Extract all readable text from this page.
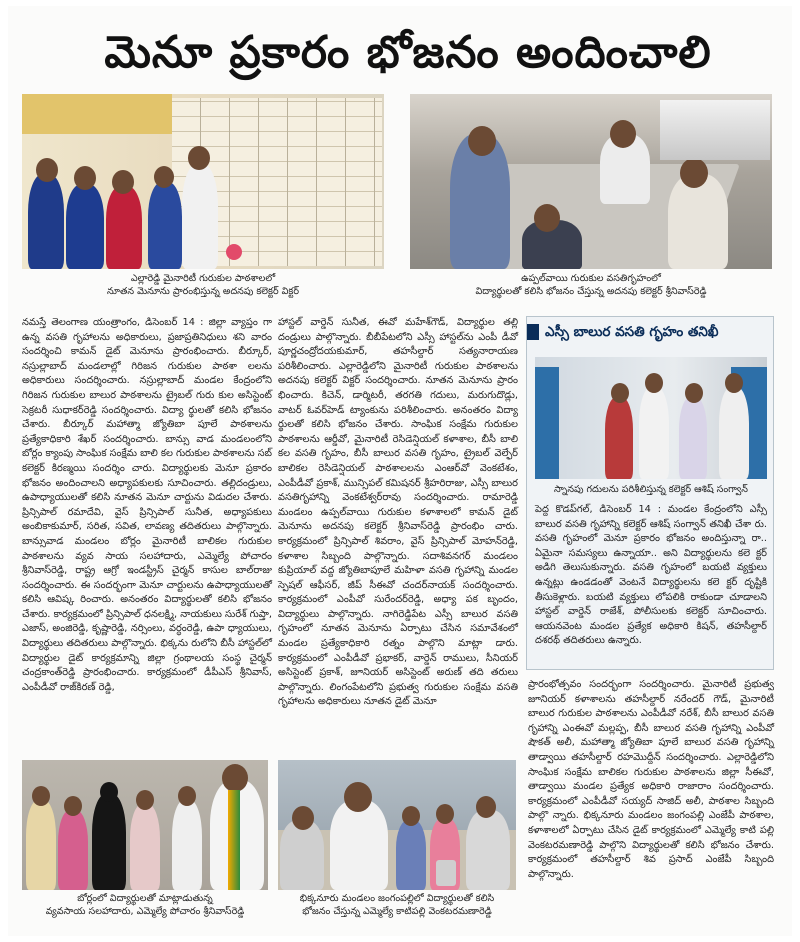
మెనూ ప్రకారం భోజనం అందించాలి
ఎల్లారెడ్డి మైనారిటీ గురుకుల పాఠశాలలో
నూతన మెనూను ప్రారంభిస్తున్న అదనపు కలెక్టర్ విక్టర్
ఉప్పల్‌వాయి గురుకుల వసతిగృహంలో
విద్యార్థులతో కలిసి భోజనం చేస్తున్న అదనపు కలెక్టర్ శ్రీనివాస్‌రెడ్డి

నమస్తే తెలంగాణ యంత్రాంగం, డిసెంబర్ 14 : జిల్లా వ్యాప్తం గా ఉన్న వసతి గృహాలను అధికారులు, ప్రజాప్రతినిధులు శని వారం సందర్శించి కామన్ డైట్ మెనూను ప్రారంభించారు. బీర్కూర్, నస్రుల్లాబాద్ మండలాల్లో గిరిజన గురుకుల పాఠశా లలను అధికారులు సందర్శించారు. నస్రుల్లాబాద్ మండల కేంద్రంలోని గిరిజన గురుకుల బాలుర పాఠశాలను ట్రైబల్ గురు కుల అసిస్టెంట్ సెక్రటరీ సుధాకర్‌రెడ్డి సందర్శించారు. విద్యా ర్థులతో కలిసి భోజనం చేశారు. బీర్కూర్ మహాత్మా జ్యోతిబా పూలే పాఠశాలను ప్రత్యేకాధికారి శేఖర్ సందర్శించారు. బాన్సు వాడ మండలంలోని బోర్లం క్యాంపు సాంఘిక సంక్షేమ బాలి కల గురుకుల పాఠశాలను సబ్ కలెక్టర్ కిరణ్మయి సందర్శిం చారు. విద్యార్థులకు మెనూ ప్రకారం భోజనం అందించాలని అధ్యాపకులకు సూచించారు. తల్లిదండ్రులు, ఉపాధ్యాయులతో కలిసి నూతన మెనూ చార్టును విడుదల చేశారు. ప్రిన్సిపాల్ రమాదేవి, వైస్ ప్రిన్సిపాల్ సునీత, అధ్యాపకులు అంబికాకుమార్, సరిత, సవిత, లావణ్య తదితరులు పాల్గొన్నారు. బాన్సువాడ మండలం బోర్లం మైనారిటీ బాలికల గురుకుల పాఠశాలను వ్యవ సాయ సలహాదారు, ఎమ్మెల్యే పోచారం శ్రీనివాస్‌రెడ్డి, రాష్ట్ర ఆగ్రో ఇండస్ట్రీస్ చైర్మన్ కాసుల బాల్‌రాజు సందర్శించారు. ఈ సందర్భంగా మెనూ చార్టులను ఉపాధ్యాయులతో కలిసి ఆవిష్క రించారు. అనంతరం విద్యార్థులతో కలిసి భోజనం చేశారు. కార్యక్రమంలో ప్రిన్సిపాల్ ధనలక్ష్మి, నాయకులు సురేశ్ గుప్తా, ఎజాస్, అంజిరెడ్డి, కృష్ణారెడ్డి, నర్సింలు, వర్ధంరెడ్డి, ఉపా ధ్యాయులు, విద్యార్థులు తదితరులు పాల్గొన్నారు. భిక్కను రులోని బీసీ హాస్టల్‌లో విద్యార్థుల డైట్ కార్యక్రమాన్ని జిల్లా గ్రంథాలయ సంస్థ చైర్మన్ చంద్రకాంత్‌రెడ్డి ప్రారంభించారు. కార్యక్రమంలో డీపీఎస్ శ్రీనివాస్, ఎంపీడీవో రాజ్‌కిరణ్ రెడ్డి,

హాస్టల్ వార్డెన్ సునీత, ఈవో మహేశ్‌గౌడ్, విద్యార్థుల తల్లి దండ్రులు పాల్గొన్నారు. బీబీపేటలోని ఎస్సీ హాస్టల్‌ను ఎంపీ డీవో పూర్ణచంద్రోదయకుమార్, తహసీల్దార్ సత్యనారాయణ పరిశీలించారు. ఎల్లారెడ్డిలోని మైనారిటీ గురుకుల పాఠశాలను అదనపు కలెక్టర్ విక్టర్ సందర్శించారు. నూతన మెనూను ప్రారం భించారు. కిచెన్, డార్మిటరీ, తరగతి గదులు, మరుగుదొడ్లు, వాటర్ ఓవర్‌హెడ్ ట్యాంకును పరిశీలించారు. అనంతరం విద్యా ర్థులతో కలిసి భోజనం చేశారు. సాంఘిక సంక్షేమ గురుకుల పాఠశాలను ఆర్డీవో, మైనారిటీ రెసిడెన్షియల్ కళాశాల, బీసీ బాలి కల వసతి గృహం, బీసీ బాలుర వసతి గృహం, ట్రైబల్ వెల్ఫేర్ బాలికల రెసిడెన్షియల్ పాఠశాలలను ఎంఆర్‌వో వెంకటేశం, ఎంపీడీవో ప్రకాశ్, మున్సిపల్ కమిషనర్ శ్రీహరిరాజు, ఎస్సీ బాలుర వసతిగృహాన్ని వెంకటేశ్వర్‌రావు సందర్శించారు. రామారెడ్డి మండలం ఉప్పల్‌వాయి గురుకుల కళాశాలలో కామన్ డైట్ మెనూను అదనపు కలెక్టర్ శ్రీనివాస్‌రెడ్డి ప్రారంభిం చారు. కార్యక్రమంలో ప్రిన్సిపాల్ శివరాం, వైస్ ప్రిన్సిపాల్ మోహన్‌రెడ్డి, కళాశాల సిబ్బంది పాల్గొన్నారు. సదాశివనగర్ మండలం కుప్రియాల్ వద్ద జ్యోతిబాపూలే మహిళా వసతి గృహాన్ని మండల స్పెషల్ ఆఫీసర్, జీప్ సీఈవో చందర్‌నాయక్ సందర్శించారు. కార్యక్రమంలో ఎంపీవో సురేందర్‌రెడ్డి, అధ్యా పక బృందం, విద్యార్థులు పాల్గొన్నారు. నాగిరెడ్డిపేట ఎస్సీ బాలుర వసతి గృహంలో నూతన మెనూను ఏర్పాటు చేసిన సమావేశంలో మండల ప్రత్యేకాధికారి రత్నం పాల్గొని మాట్లా డారు. కార్యక్రమంలో ఎంపీడీవో ప్రభాకర్, వార్డెన్ రాములు, సీనియర్ అసిస్టెంట్ ప్రకాశ్, జూనియర్ అసిస్టెంట్ అరుణ్ తది తరులు పాల్గొన్నారు. లింగంపేటలోని ప్రభుత్వ గురుకుల సంక్షేమ వసతి గృహాలను అధికారులు నూతన డైట్ మెనూ

ఎస్సీ బాలుర వసతి గృహం తనిఖీ
స్నానపు గదులను పరిశీలిస్తున్న కలెక్టర్ ఆశిష్ సంగ్వాన్

పెద్ద కొడప్‌గల్, డిసెంబర్ 14 : మండల కేంద్రంలోని ఎస్సీ బాలుర వసతి గృహాన్ని కలెక్టర్ ఆశిష్ సంగ్వాన్ తనిఖీ చేశా రు. వసతి గృహంలో మెనూ ప్రకారం భోజనం అందిస్తున్నా రా.. ఏమైనా సమస్యలు ఉన్నాయా.. అని విద్యార్థులను కలె క్టర్ అడిగి తెలుసుకున్నారు. వసతి గృహంలో బయటి వ్యక్తులు ఉన్నట్లు ఉండడంతో వెంటనే విద్యార్థులను కలె క్టర్ దృష్టికి తీసుకెళ్లారు. బయటి వ్యక్తులు లోపలికి రాకుండా చూడాలని హాస్టల్ వార్డెన్ రాజేశ్, పోలీసులకు కలెక్టర్ సూచించారు. ఆయనవెంట మండల ప్రత్యేక అధికారి కిషన్, తహసీల్దార్ దశరథ్ తదితరులు ఉన్నారు.

ప్రారంభోత్సవం సందర్భంగా సందర్శించారు. మైనారిటీ ప్రభుత్వ జూనియర్ కళాశాలను తహసీల్దార్ నరేందర్ గౌడ్, మైనారిటీ బాలుర గురుకుల పాఠశాలను ఎంపీడీవో నరేశ్, బీసీ బాలుర వసతి గృహాన్ని ఎంఈవో మల్లప్ప, బీసీ బాలుర వసతి గృహాన్ని ఎంపీవో షౌకత్ అలీ, మహాత్మా జ్యోతిబా పూలే బాలుర వసతి గృహాన్ని తాడ్వాయి తహసీల్దార్ రహమొద్దీన్ సందర్శించారు. ఎల్లారెడ్డిలోని సాంఘిక సంక్షేమ బాలికల గురుకుల పాఠశాలను జిల్లా సీఈవో, తాడ్వాయి మండల ప్రత్యేక అధికారి రాజారాం సందర్శించారు. కార్యక్రమంలో ఎంపీడీవో సయ్యద్ సాజిద్ అలీ, పాఠశాల సిబ్బంది పాల్గొ న్నారు. భిక్కనూరు మండలం జంగంపల్లి ఎంజేపీ పాఠశాల, కళాశాలలో ఏర్పాటు చేసిన డైట్ కార్యక్రమంలో ఎమ్మెల్యే కాటి పల్లి వెంకటరమణారెడ్డి పాల్గొని విద్యార్థులతో కలిసి భోజనం చేశారు. కార్యక్రమంలో తహసీల్దార్ శివ ప్రసాద్ ఎంజేపీ సిబ్బంది పాల్గొన్నారు.

బోర్లంలో విద్యార్థులతో మాట్లాడుతున్న
వ్యవసాయ సలహాదారు, ఎమ్మెల్యే పోచారం శ్రీనివాస్‌రెడ్డి
భిక్కనూరు మండలం జంగంపల్లిలో విద్యార్థులతో కలిసి
భోజనం చేస్తున్న ఎమ్మెల్యే కాటిపల్లి వెంకటరమణారెడ్డి
